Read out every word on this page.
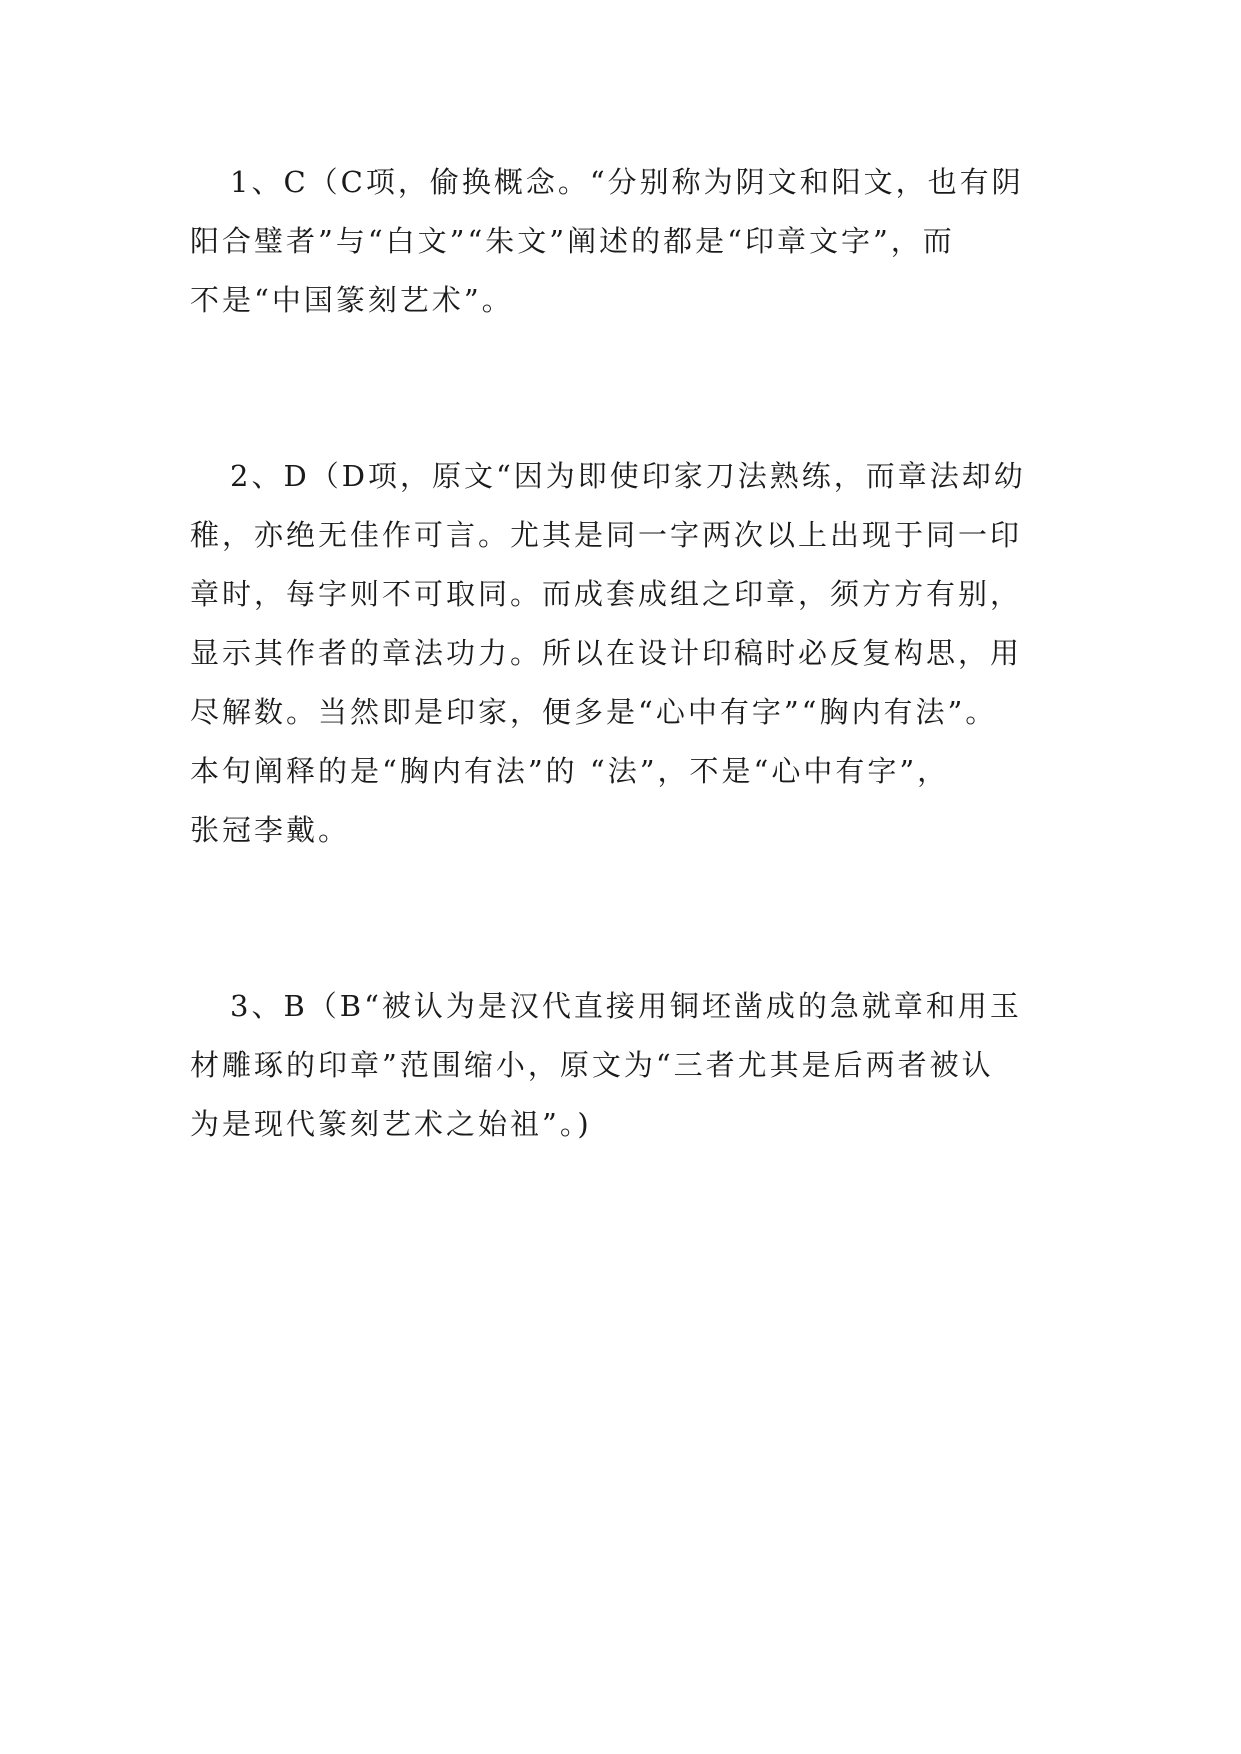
1、C（C项，偷换概念。“分别称为阴文和阳文，也有阴
阳合璧者”与“白文”“朱文”阐述的都是“印章文字”，而
不是“中国篆刻艺术”。
2、D（D项，原文“因为即使印家刀法熟练，而章法却幼
稚，亦绝无佳作可言。尤其是同一字两次以上出现于同一印
章时，每字则不可取同。而成套成组之印章，须方方有别，
显示其作者的章法功力。所以在设计印稿时必反复构思，用
尽解数。当然即是印家，便多是“心中有字”“胸内有法”。
本句阐释的是“胸内有法”的 “法”，不是“心中有字”，
张冠李戴。
3、B（B“被认为是汉代直接用铜坯凿成的急就章和用玉
材雕琢的印章”范围缩小，原文为“三者尤其是后两者被认
为是现代篆刻艺术之始祖”。)
